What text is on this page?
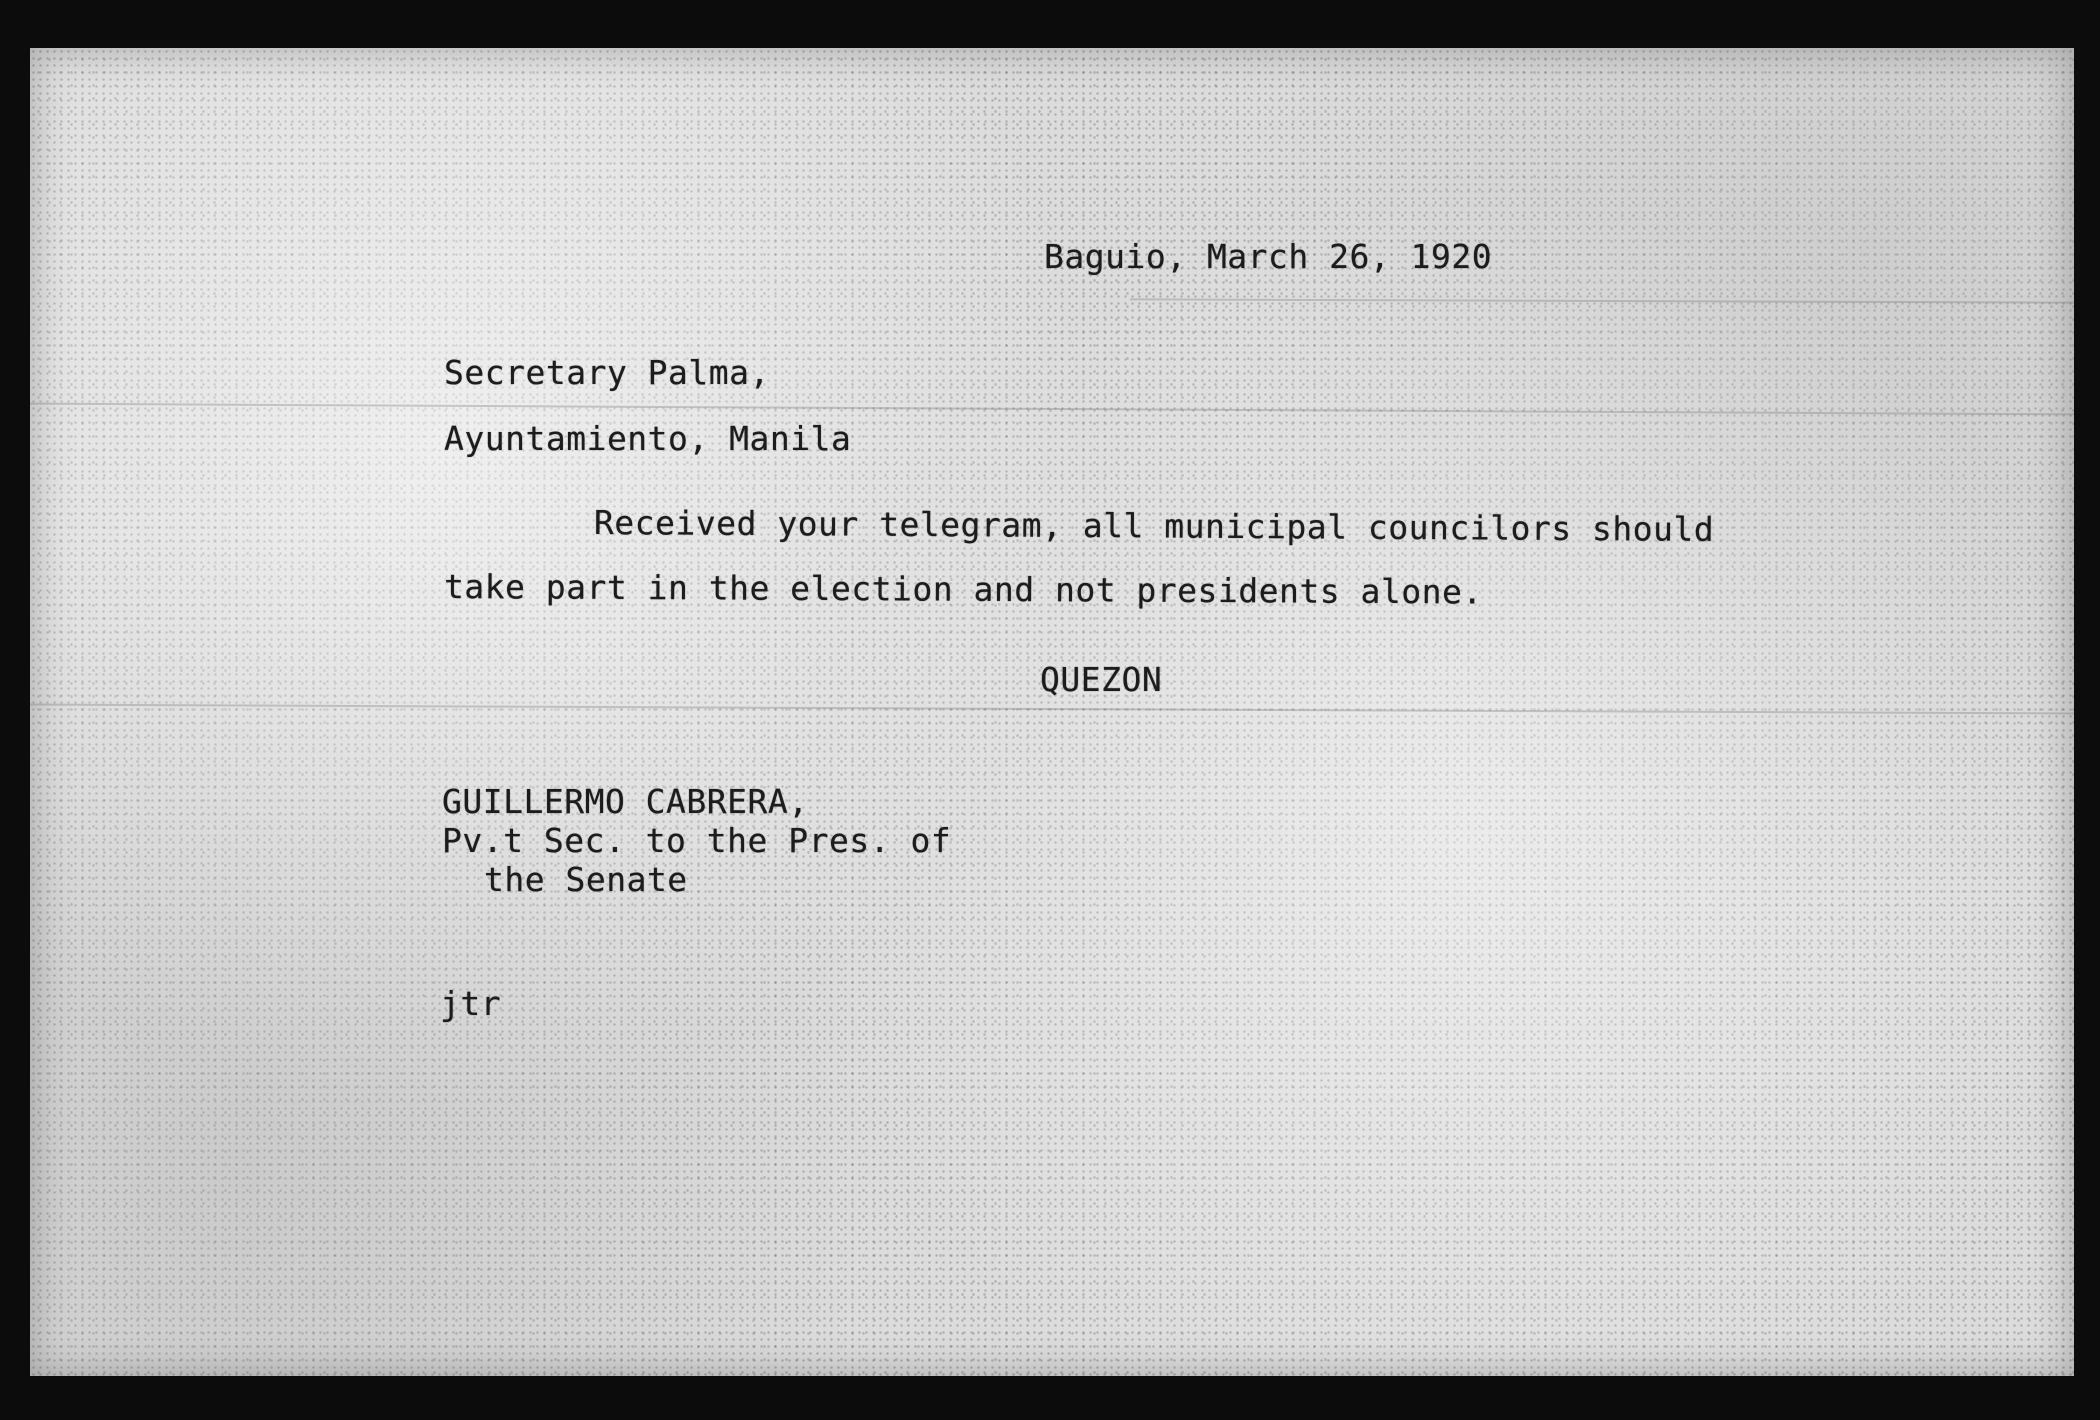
Baguio, March 26, 1920

Secretary Palma,

Ayuntamiento, Manila

Received your telegram, all municipal councilors should

take part in the election and not presidents alone.

QUEZON

GUILLERMO CABRERA,

Pv.t Sec. to the Pres. of

the Senate

jtr
